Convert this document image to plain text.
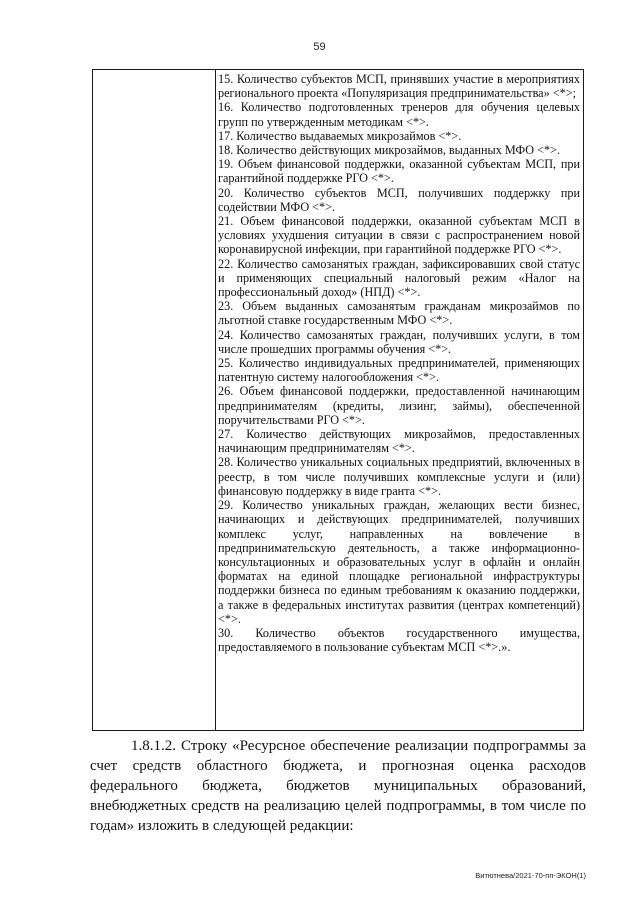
59

15. Количество субъектов МСП, принявших участие в мероприятиях регионального проекта «Популяризация предпринимательства» <*>;

16. Количество подготовленных тренеров для обучения целевых групп по утвержденным методикам <*>.

17. Количество выдаваемых микрозаймов <*>.

18. Количество действующих микрозаймов, выданных МФО <*>.

19. Объем финансовой поддержки, оказанной субъектам МСП, при гарантийной поддержке РГО <*>.

20. Количество субъектов МСП, получивших поддержку при содействии МФО <*>.

21. Объем финансовой поддержки, оказанной субъектам МСП в условиях ухудшения ситуации в связи с распространением новой коронавирусной инфекции, при гарантийной поддержке РГО <*>.

22. Количество самозанятых граждан, зафиксировавших свой статус и применяющих специальный налоговый режим «Налог на профессиональный доход» (НПД) <*>.

23. Объем выданных самозанятым гражданам микрозаймов по льготной ставке государственным МФО <*>.

24. Количество самозанятых граждан, получивших услуги, в том числе прошедших программы обучения <*>.

25. Количество индивидуальных предпринимателей, применяющих патентную систему налогообложения <*>.

26. Объем финансовой поддержки, предоставленной начинающим предпринимателям (кредиты, лизинг, займы), обеспеченной поручительствами РГО <*>.

27. Количество действующих микрозаймов, предоставленных начинающим предпринимателям <*>.

28. Количество уникальных социальных предприятий, включенных в реестр, в том числе получивших комплексные услуги и (или) финансовую поддержку в виде гранта <*>.

29. Количество уникальных граждан, желающих вести бизнес, начинающих и действующих предпринимателей, получивших комплекс услуг, направленных на вовлечение в предпринимательскую деятельность, а также информационно-консультационных и образовательных услуг в офлайн и онлайн форматах на единой площадке региональной инфраструктуры поддержки бизнеса по единым требованиям к оказанию поддержки, а также в федеральных институтах развития (центрах компетенций) <*>.

30. Количество объектов государственного имущества, предоставляемого в пользование субъектам МСП <*>.».

1.8.1.2. Строку «Ресурсное обеспечение реализации подпрограммы за счет средств областного бюджета, и прогнозная оценка расходов федерального бюджета, бюджетов муниципальных образований, внебюджетных средств на реализацию целей подпрограммы, в том числе по годам» изложить в следующей редакции:

Витютнева/2021-70-пп-ЭКОН(1)
